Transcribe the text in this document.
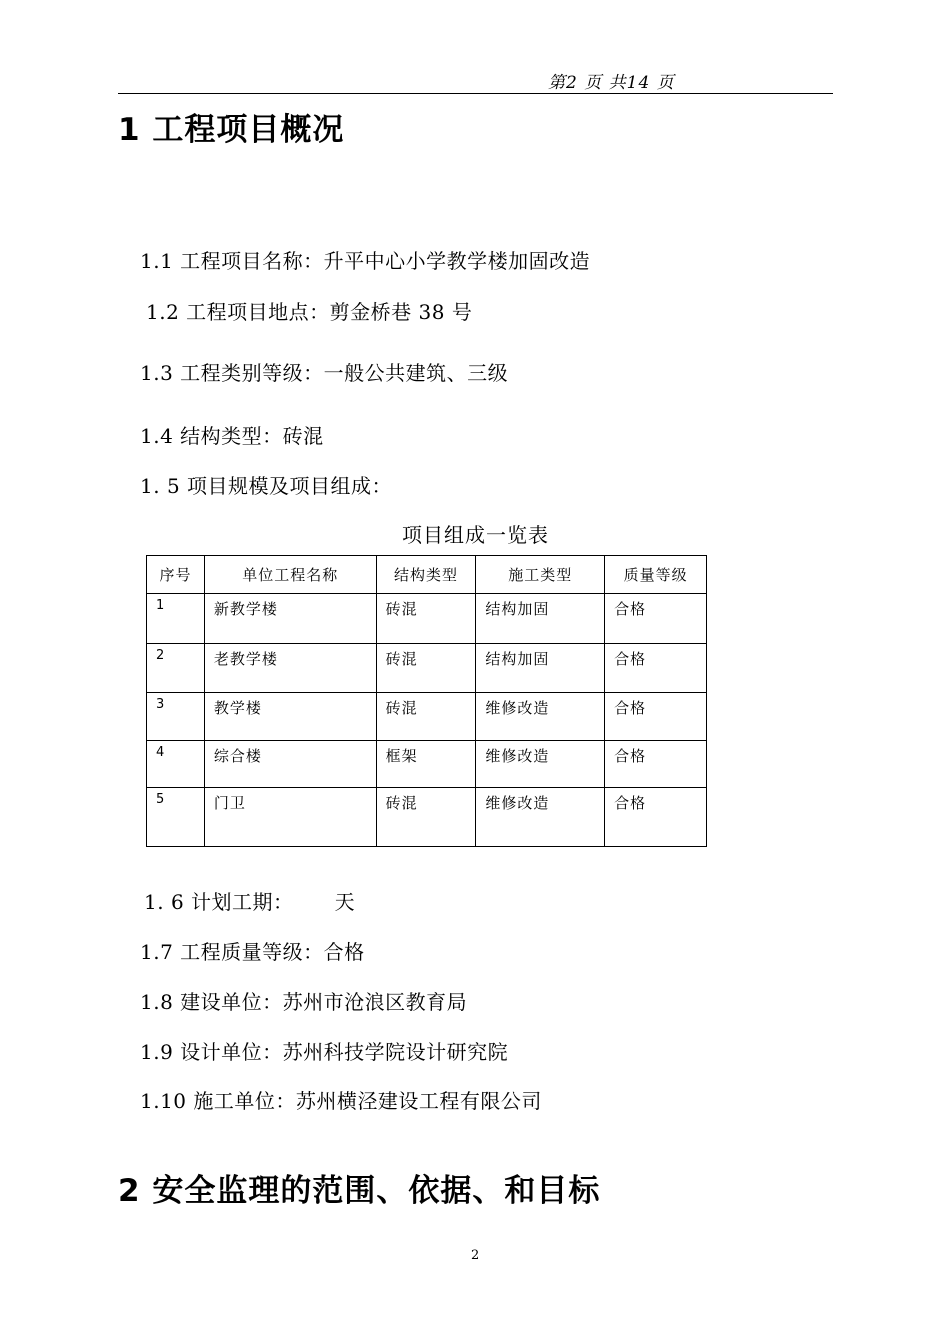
第2 页 共14 页
1 工程项目概况
1.1 工程项目名称：升平中心小学教学楼加固改造
1.2 工程项目地点：剪金桥巷 38 号
1.3 工程类别等级：一般公共建筑、三级
1.4 结构类型：砖混
1. 5 项目规模及项目组成：
项目组成一览表
序号	单位工程名称	结构类型	施工类型	质量等级
1	新教学楼	砖混	结构加固	合格
2	老教学楼	砖混	结构加固	合格
3	教学楼	砖混	维修改造	合格
4	综合楼	框架	维修改造	合格
5	门卫	砖混	维修改造	合格
1. 6 计划工期：      天
1.7 工程质量等级：合格
1.8 建设单位：苏州市沧浪区教育局
1.9 设计单位：苏州科技学院设计研究院
1.10 施工单位：苏州横泾建设工程有限公司
2 安全监理的范围、依据、和目标
2
